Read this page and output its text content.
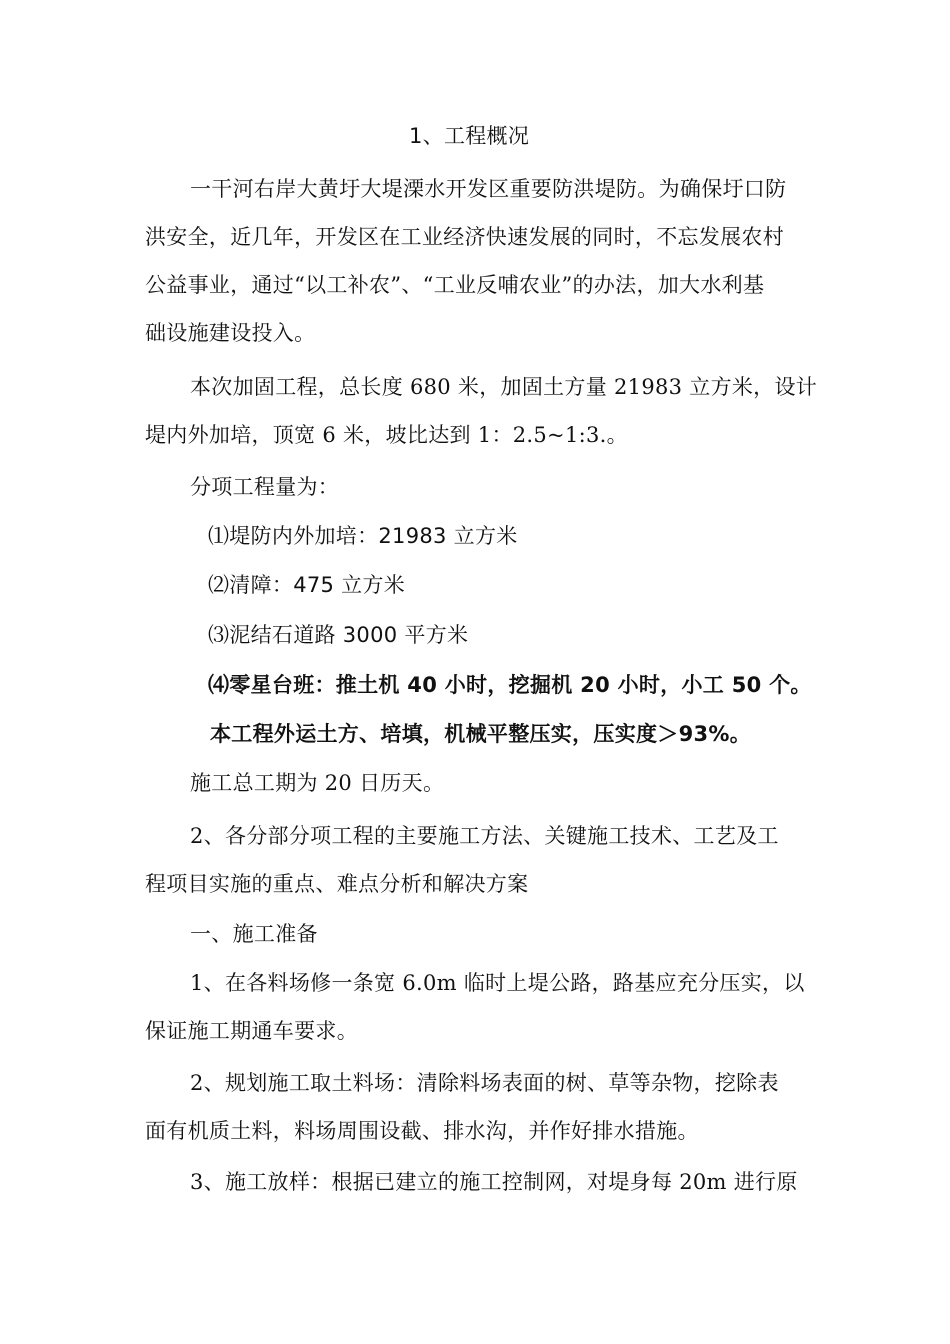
1、工程概况
一干河右岸大黄圩大堤溧水开发区重要防洪堤防。为确保圩口防
洪安全，近几年，开发区在工业经济快速发展的同时，不忘发展农村
公益事业，通过“以工补农”、“工业反哺农业”的办法，加大水利基
础设施建设投入。
本次加固工程，总长度 680 米，加固土方量 21983 立方米，设计
堤内外加培，顶宽 6 米，坡比达到 1：2.5~1:3.。
分项工程量为：
⑴堤防内外加培：21983 立方米
⑵清障：475 立方米
⑶泥结石道路 3000 平方米
⑷零星台班：推土机 40 小时，挖掘机 20 小时，小工 50 个。
本工程外运土方、培填，机械平整压实，压实度＞93%。
施工总工期为 20 日历天。
2、各分部分项工程的主要施工方法、关键施工技术、工艺及工
程项目实施的重点、难点分析和解决方案
一、施工准备
1、在各料场修一条宽 6.0m 临时上堤公路，路基应充分压实，以
保证施工期通车要求。
2、规划施工取土料场：清除料场表面的树、草等杂物，挖除表
面有机质土料，料场周围设截、排水沟，并作好排水措施。
3、施工放样：根据已建立的施工控制网，对堤身每 20m 进行原
